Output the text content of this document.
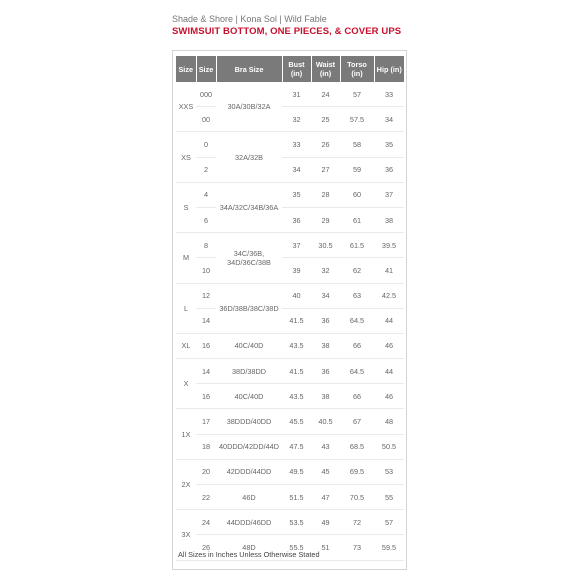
Shade & Shore | Kona Sol | Wild Fable
SWIMSUIT BOTTOM, ONE PIECES, & COVER UPS
Size	Size	Bra Size	Bust (in)	Waist (in)	Torso (in)	Hip (in)
XXS	000	30A/30B/32A	31	24	57	33
	00		32	25	57.5	34
XS	0	32A/32B	33	26	58	35
	2		34	27	59	36
S	4	34A/32C/34B/36A	35	28	60	37
	6		36	29	61	38
M	8	34C/36B, 34D/36C/38B	37	30.5	61.5	39.5
	10		39	32	62	41
L	12	36D/38B/38C/38D	40	34	63	42.5
	14		41.5	36	64.5	44
XL	16	40C/40D	43.5	38	66	46
X	14	38D/38DD	41.5	36	64.5	44
	16	40C/40D	43.5	38	66	46
1X	17	38DDD/40DD	45.5	40.5	67	48
	18	40DDD/42DD/44D	47.5	43	68.5	50.5
2X	20	42DDD/44DD	49.5	45	69.5	53
	22	46D	51.5	47	70.5	55
3X	24	44DDD/46DD	53.5	49	72	57
	26	48D	55.5	51	73	59.5
All Sizes in Inches Unless Otherwise Stated
